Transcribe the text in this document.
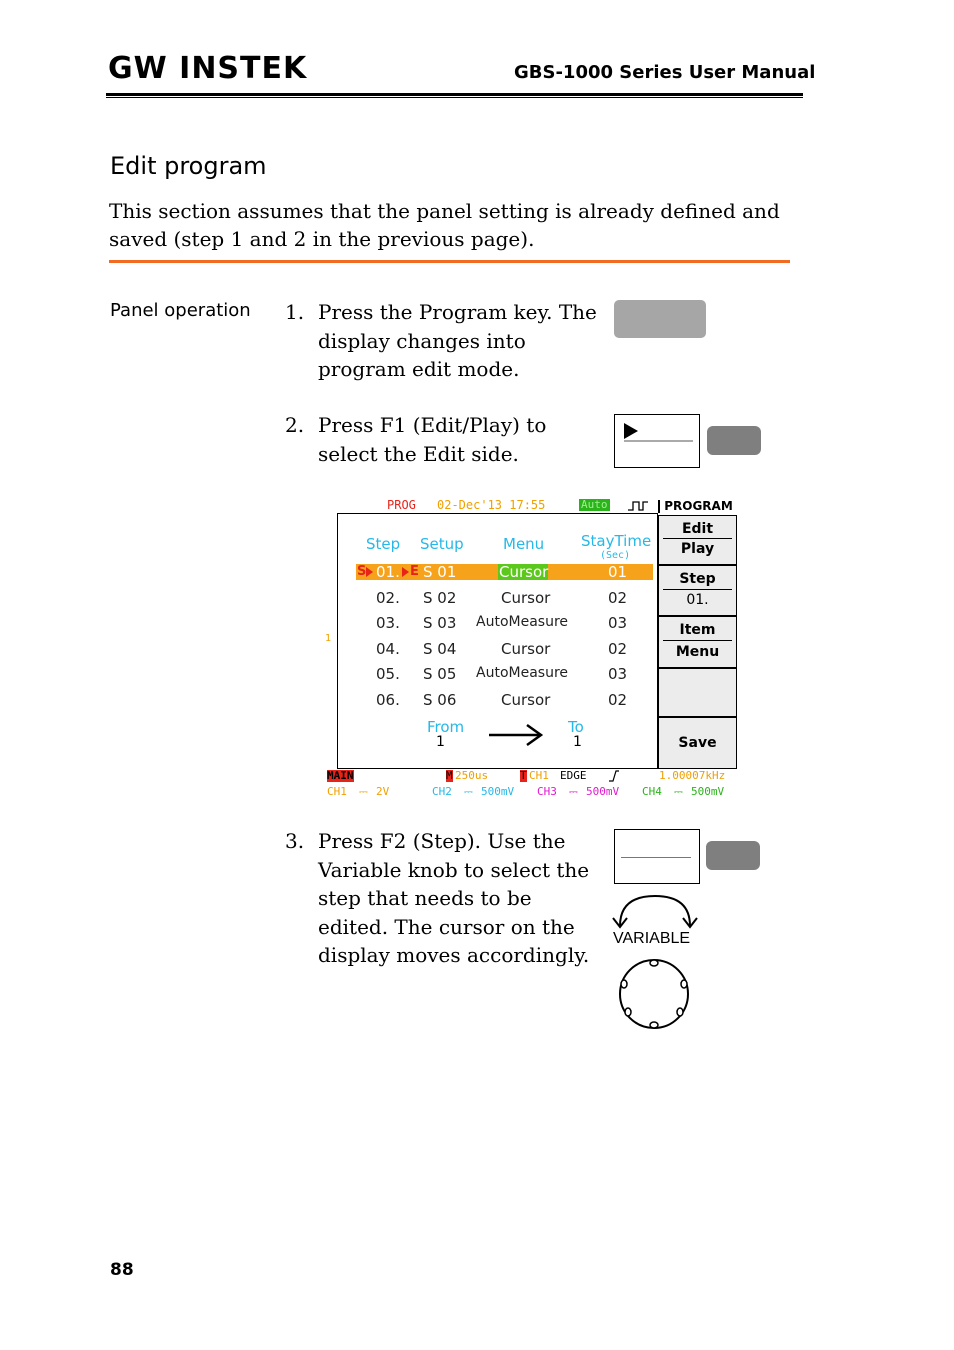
GW INSTEK	GBS-1000 Series User Manual
Edit program
This section assumes that the panel setting is already defined and saved (step 1 and 2 in the previous page).
Panel operation 1. Press the Program key. The display changes into program edit mode.
2. Press F1 (Edit/Play) to select the Edit side.
PROG 02-Dec'13 17:55	Auto
Step Setup	Menu StayTime
(Sec)
S	E
01. S 01	Cursor	01
02. S 02	Cursor	02
03. S 03 AutoMeasure	03
1
04. S 04	Cursor	02
05. S 05 AutoMeasure	03
06. S 06	Cursor	02
From
1
To
1
PROGRAM
Edit
Play
Step
01.
Item
Menu
Save
MAIN	M 250us	T CH1 EDGE	1.00007kHz
CH1 ⎓ 2V	CH2 ⎓ 500mV CH3 ⎓ 500mV CH4 ⎓ 500mV
3. Press F2 (Step). Use the Variable knob to select the step that needs to be edited. The cursor on the display moves accordingly.
VARIABLE
88
